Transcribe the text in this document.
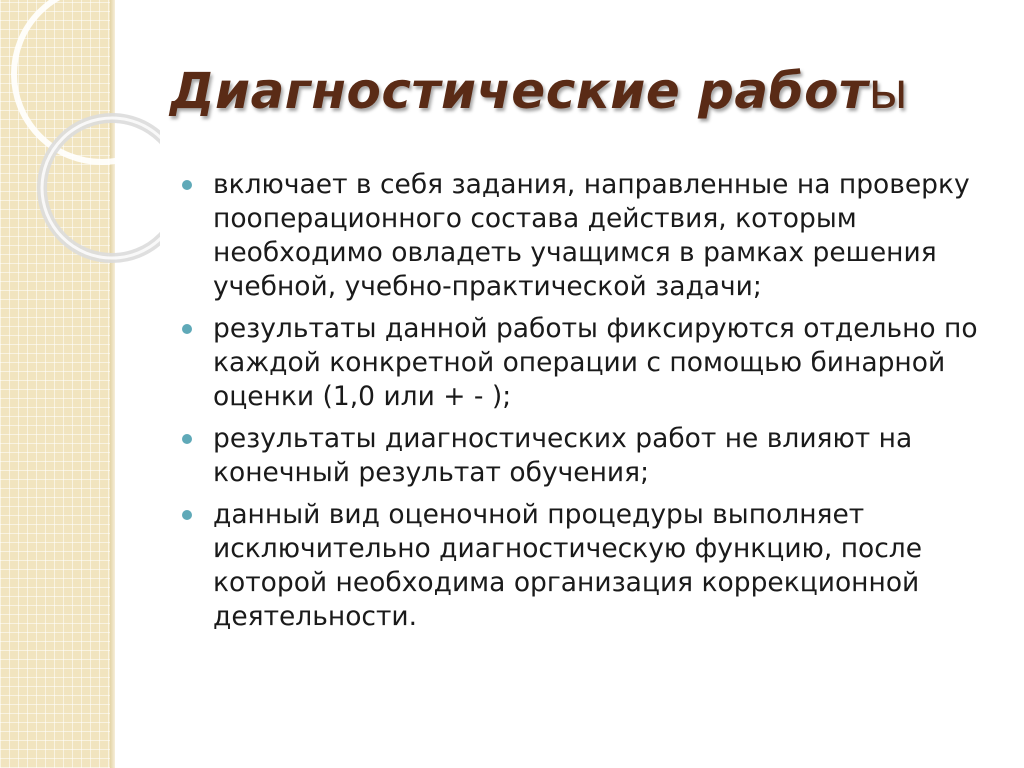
Диагностические работы
включает в себя задания, направленные на проверку пооперационного состава действия, которым необходимо овладеть учащимся в рамках решения учебной, учебно-практической задачи;
результаты данной работы фиксируются отдельно по каждой конкретной операции с помощью бинарной оценки (1,0 или + - );
результаты диагностических работ не влияют на конечный результат обучения;
данный вид оценочной процедуры выполняет исключительно диагностическую функцию, после которой необходима организация коррекционной деятельности.
